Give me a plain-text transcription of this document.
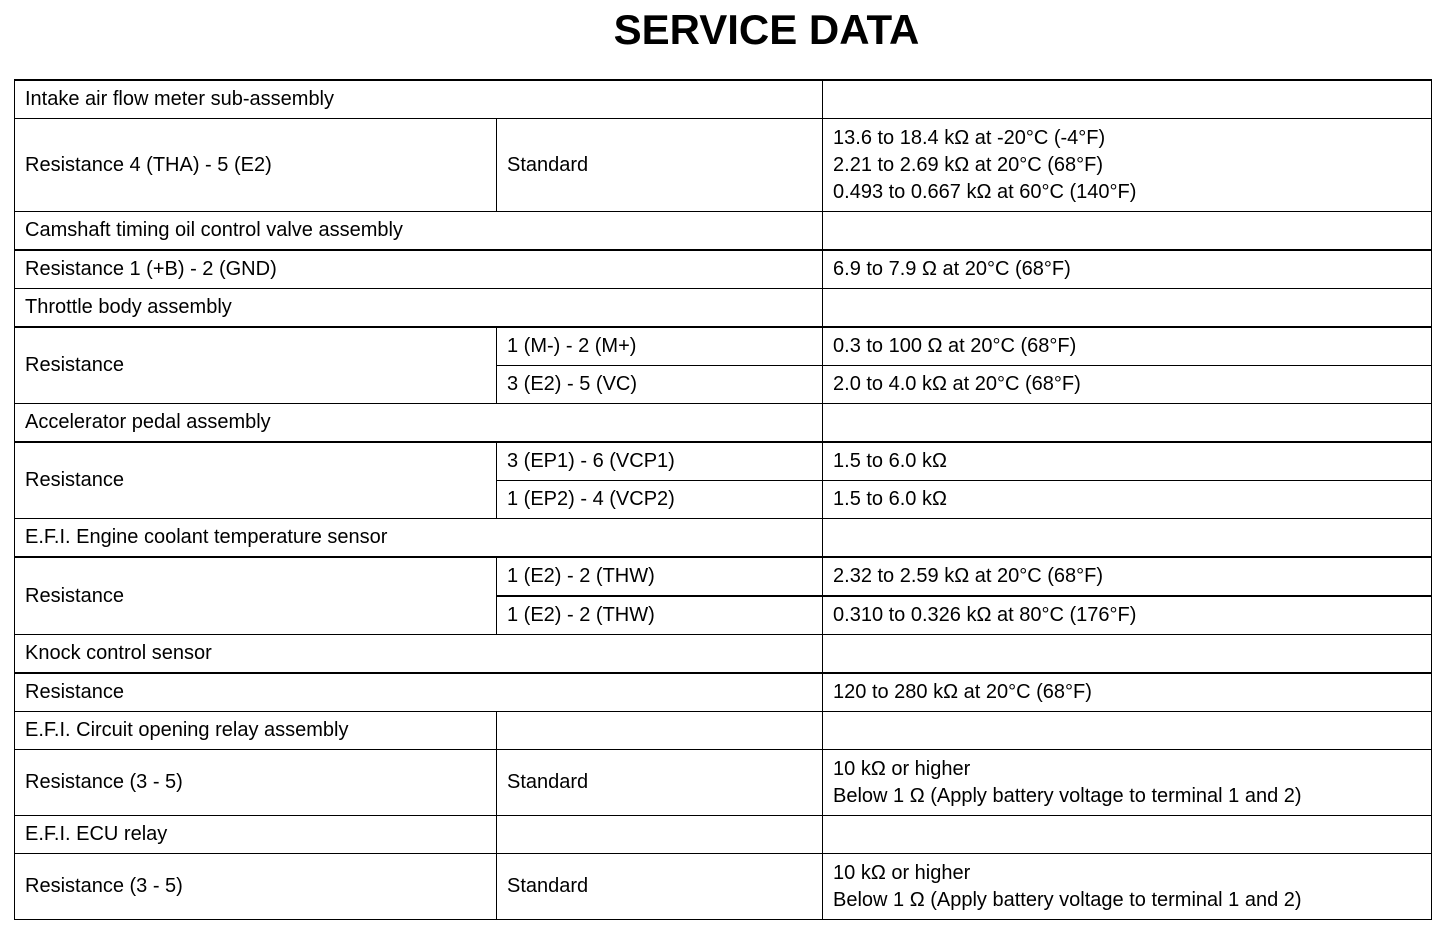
SERVICE DATA
Intake air flow meter sub-assembly		
Resistance 4 (THA) - 5 (E2)	Standard	13.6 to 18.4 kΩ at -20°C (-4°F)
2.21 to 2.69 kΩ at 20°C (68°F)
0.493 to 0.667 kΩ at 60°C (140°F)

Camshaft timing oil control valve assembly		
Resistance 1 (+B) - 2 (GND)		6.9 to 7.9 Ω at 20°C (68°F)
Throttle body assembly		
Resistance	1 (M-) - 2 (M+)	0.3 to 100 Ω at 20°C (68°F)
	3 (E2) - 5 (VC)	2.0 to 4.0 kΩ at 20°C (68°F)
Accelerator pedal assembly		
Resistance	3 (EP1) - 6 (VCP1)	1.5 to 6.0 kΩ
	1 (EP2) - 4 (VCP2)	1.5 to 6.0 kΩ
E.F.I. Engine coolant temperature sensor		
Resistance	1 (E2) - 2 (THW)	2.32 to 2.59 kΩ at 20°C (68°F)
	1 (E2) - 2 (THW)	0.310 to 0.326 kΩ at 80°C (176°F)
Knock control sensor		
Resistance		120 to 280 kΩ at 20°C (68°F)
E.F.I. Circuit opening relay assembly		
Resistance (3 - 5)	Standard	10 kΩ or higher
Below 1 Ω (Apply battery voltage to terminal 1 and 2)

E.F.I. ECU relay		
Resistance (3 - 5)	Standard	10 kΩ or higher
Below 1 Ω (Apply battery voltage to terminal 1 and 2)
